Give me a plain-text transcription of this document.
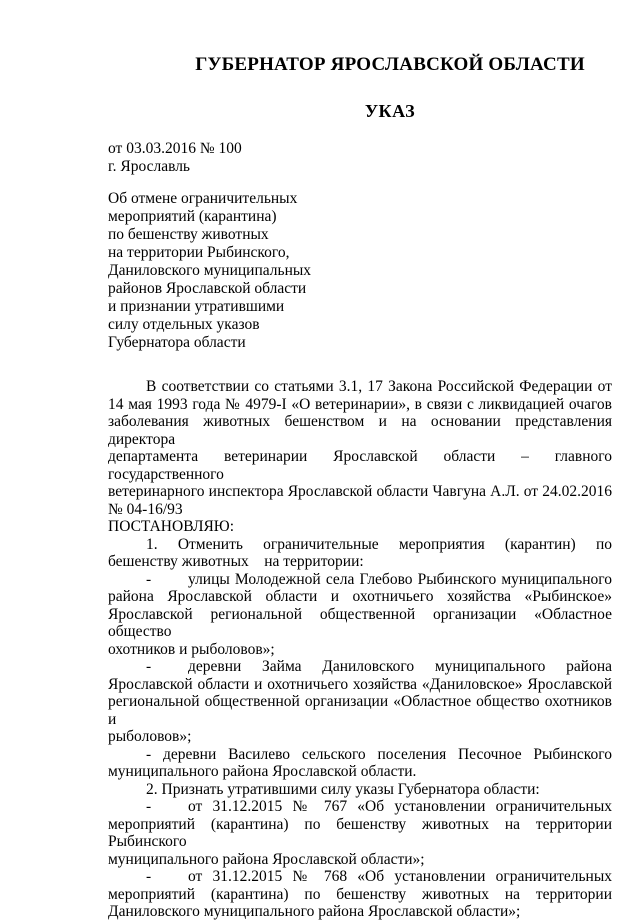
ГУБЕРНАТОР ЯРОСЛАВСКОЙ ОБЛАСТИ
УКАЗ
от 03.03.2016 № 100
г. Ярославль
Об отмене ограничительных
мероприятий (карантина)
по бешенству животных
на территории Рыбинского,
Даниловского муниципальных
районов Ярославской области
и признании утратившими
силу отдельных указов
Губернатора области
В соответствии со статьями 3.1, 17 Закона Российской Федерации от
14 мая 1993 года № 4979-I «О ветеринарии», в связи с ликвидацией очагов
заболевания животных бешенством и на основании представления директора
департамента ветеринарии Ярославской области – главного государственного
ветеринарного инспектора Ярославской области Чавгуна А.Л. от 24.02.2016
№ 04-16/93
ПОСТАНОВЛЯЮ:
1. Отменить ограничительные мероприятия (карантин) по
бешенству животных    на территории:
-	улицы Молодежной села Глебово Рыбинского муниципального
района Ярославской области и охотничьего хозяйства «Рыбинское»
Ярославской региональной общественной организации «Областное общество
охотников и рыболовов»;
-	деревни Займа Даниловского муниципального района
Ярославской области и охотничьего хозяйства «Даниловское» Ярославской
региональной общественной организации «Областное общество охотников и
рыболовов»;
- деревни Василево сельского поселения Песочное Рыбинского
муниципального района Ярославской области.
2. Признать утратившими силу указы Губернатора области:
-	от 31.12.2015 № 767 «Об установлении ограничительных
мероприятий (карантина) по бешенству животных на территории Рыбинского
муниципального района Ярославской области»;
-	от 31.12.2015 № 768 «Об установлении ограничительных
мероприятий (карантина) по бешенству животных на территории
Даниловского муниципального района Ярославской области»;
